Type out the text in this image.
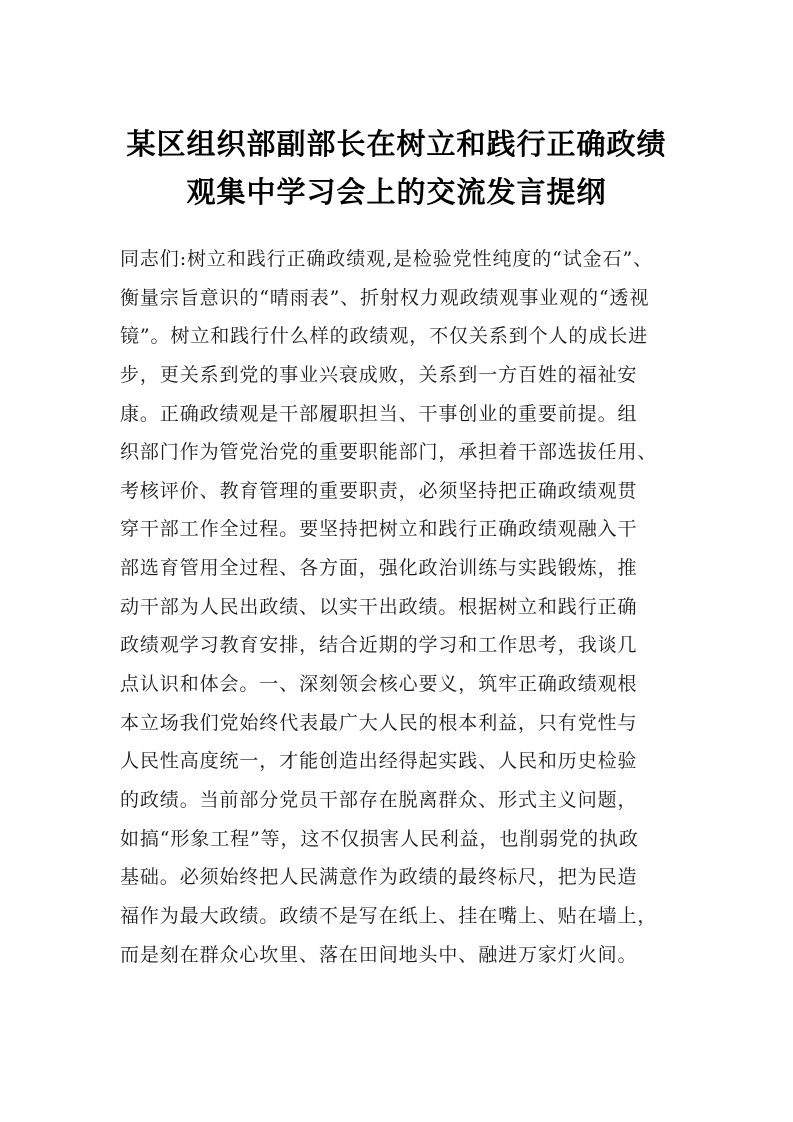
某区组织部副部长在树立和践行正确政绩
观集中学习会上的交流发言提纲
同志们:树立和践行正确政绩观,是检验党性纯度的“试金石”、
衡量宗旨意识的“晴雨表”、折射权力观政绩观事业观的“透视
镜”。树立和践行什么样的政绩观，不仅关系到个人的成长进
步，更关系到党的事业兴衰成败，关系到一方百姓的福祉安
康。正确政绩观是干部履职担当、干事创业的重要前提。组
织部门作为管党治党的重要职能部门，承担着干部选拔任用、
考核评价、教育管理的重要职责，必须坚持把正确政绩观贯
穿干部工作全过程。要坚持把树立和践行正确政绩观融入干
部选育管用全过程、各方面，强化政治训练与实践锻炼，推
动干部为人民出政绩、以实干出政绩。根据树立和践行正确
政绩观学习教育安排，结合近期的学习和工作思考，我谈几
点认识和体会。一、深刻领会核心要义，筑牢正确政绩观根
本立场我们党始终代表最广大人民的根本利益，只有党性与
人民性高度统一，才能创造出经得起实践、人民和历史检验
的政绩。当前部分党员干部存在脱离群众、形式主义问题，
如搞“形象工程”等，这不仅损害人民利益，也削弱党的执政
基础。必须始终把人民满意作为政绩的最终标尺，把为民造
福作为最大政绩。政绩不是写在纸上、挂在嘴上、贴在墙上，
而是刻在群众心坎里、落在田间地头中、融进万家灯火间。
